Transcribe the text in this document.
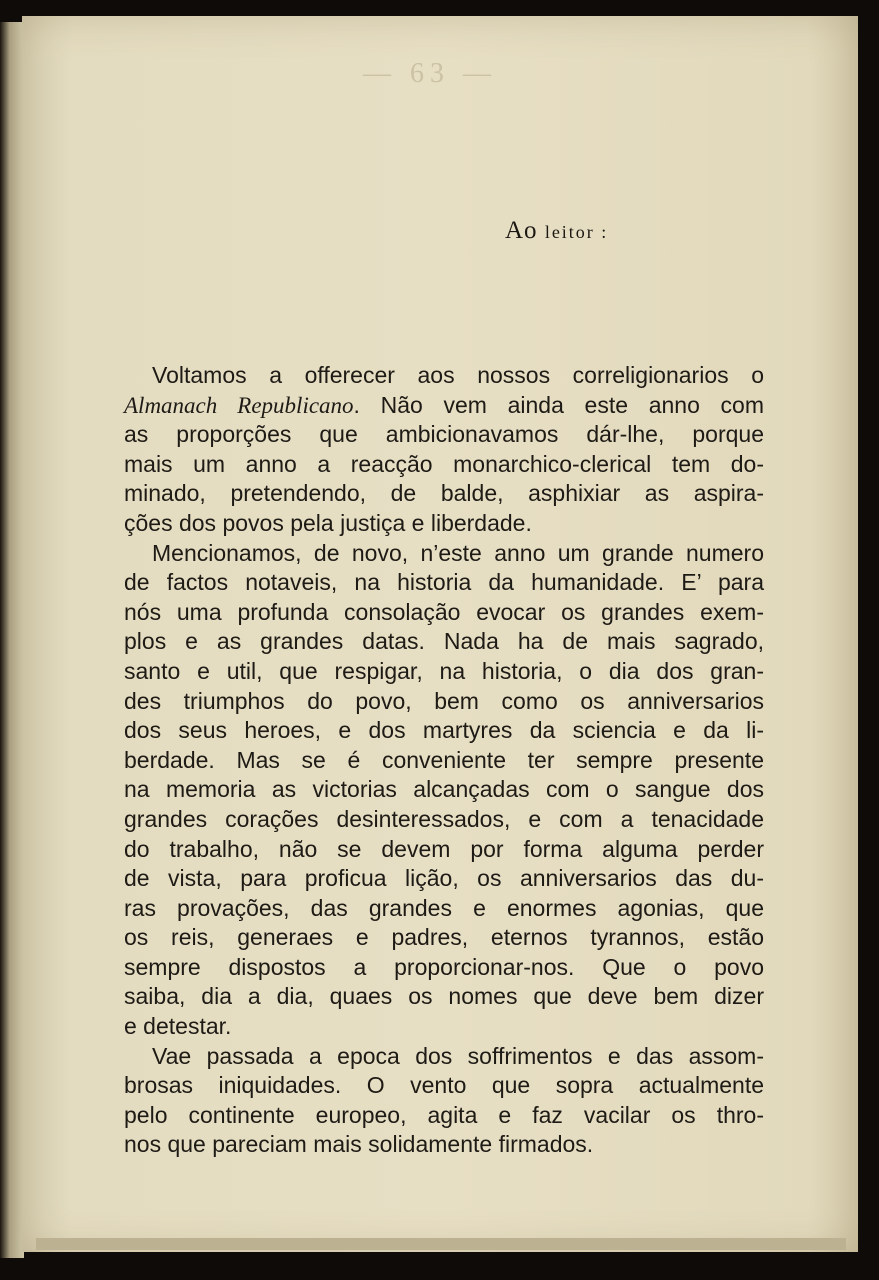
— 63 —
Ao leitor :
Voltamos a offerecer aos nossos correligionarios o
Almanach Republicano. Não vem ainda este anno com
as proporções que ambicionavamos dár-lhe, porque
mais um anno a reacção monarchico-clerical tem do-
minado, pretendendo, de balde, asphixiar as aspira-
ções dos povos pela justiça e liberdade.
Mencionamos, de novo, n’este anno um grande numero
de factos notaveis, na historia da humanidade. E’ para
nós uma profunda consolação evocar os grandes exem-
plos e as grandes datas. Nada ha de mais sagrado,
santo e util, que respigar, na historia, o dia dos gran-
des triumphos do povo, bem como os anniversarios
dos seus heroes, e dos martyres da sciencia e da li-
berdade. Mas se é conveniente ter sempre presente
na memoria as victorias alcançadas com o sangue dos
grandes corações desinteressados, e com a tenacidade
do trabalho, não se devem por forma alguma perder
de vista, para proficua lição, os anniversarios das du-
ras provações, das grandes e enormes agonias, que
os reis, generaes e padres, eternos tyrannos, estão
sempre dispostos a proporcionar-nos. Que o povo
saiba, dia a dia, quaes os nomes que deve bem dizer
e detestar.
Vae passada a epoca dos soffrimentos e das assom-
brosas iniquidades. O vento que sopra actualmente
pelo continente europeo, agita e faz vacilar os thro-
nos que pareciam mais solidamente firmados.
